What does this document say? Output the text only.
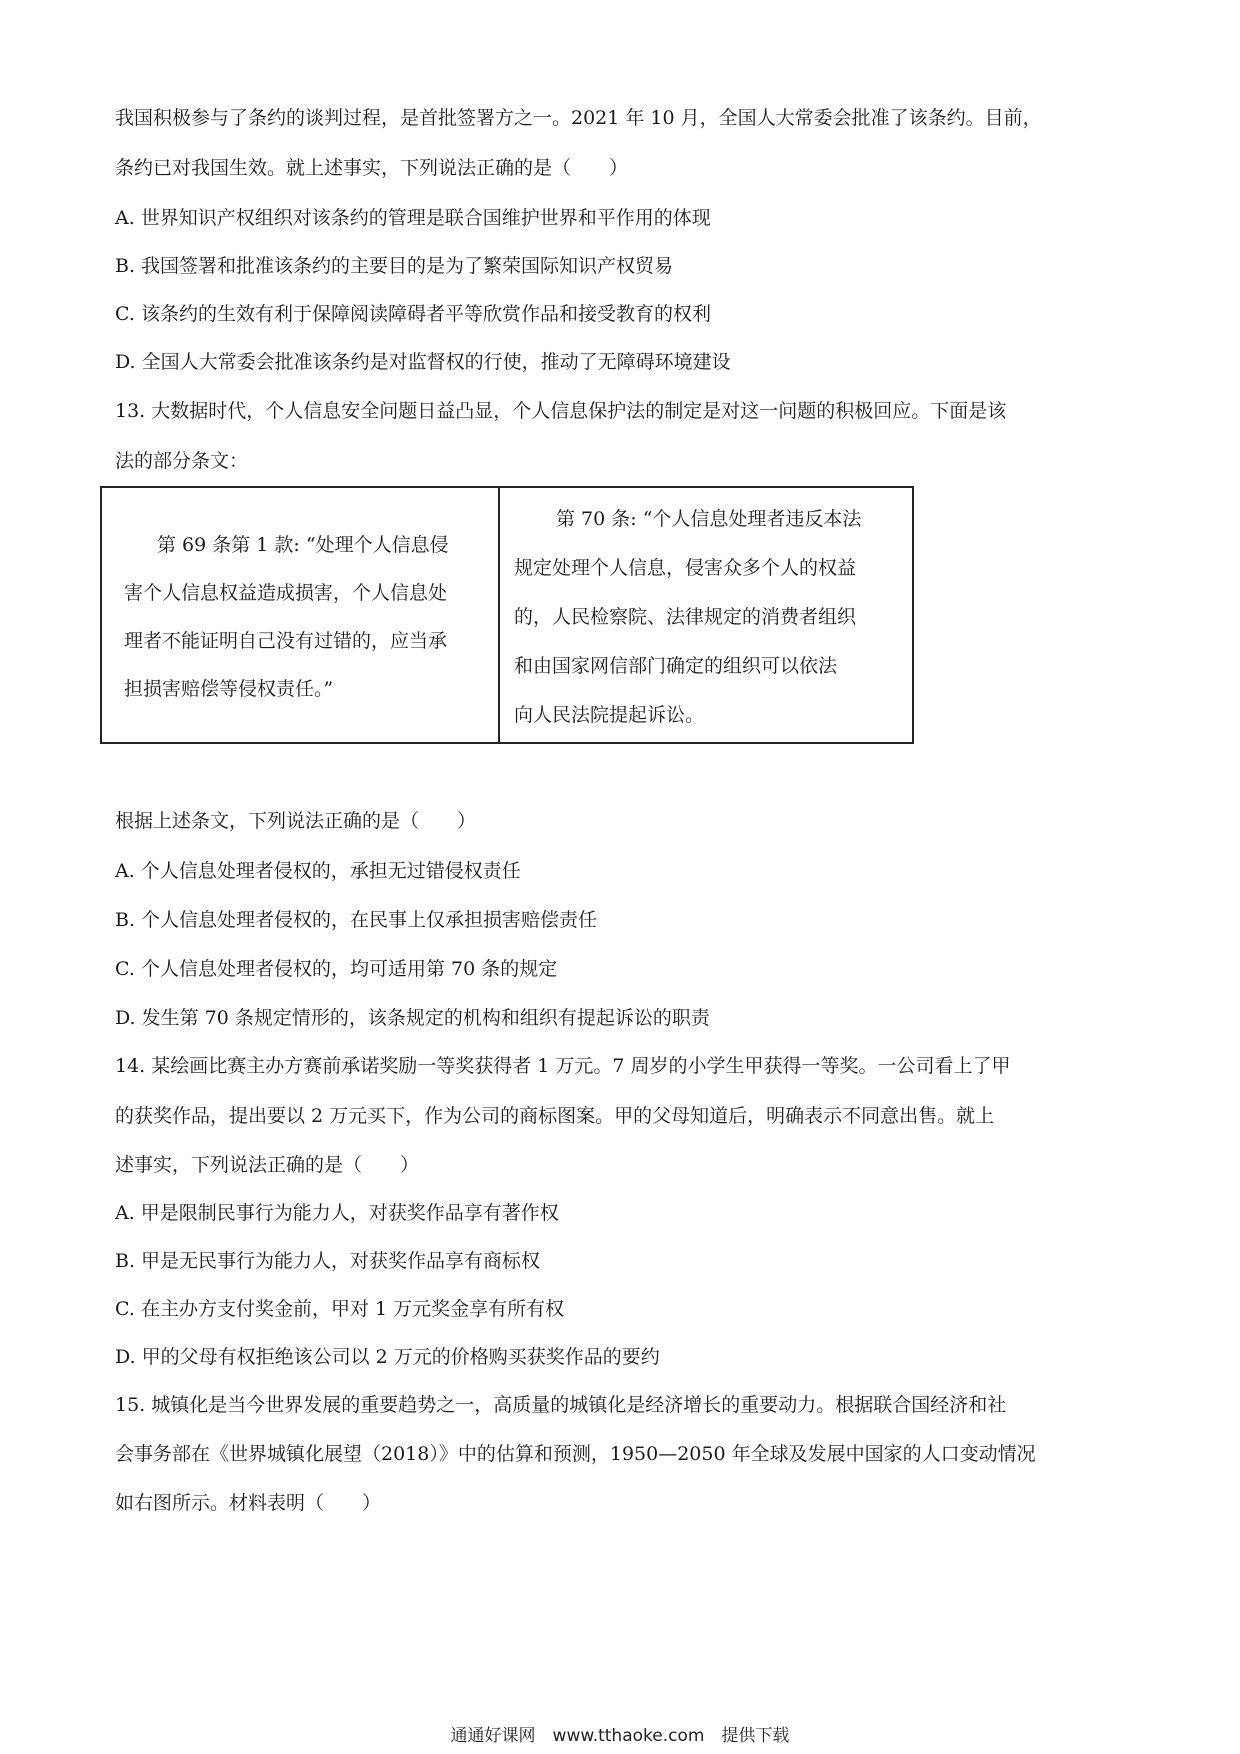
我国积极参与了条约的谈判过程，是首批签署方之一。2021 年 10 月，全国人大常委会批准了该条约。目前，
条约已对我国生效。就上述事实，下列说法正确的是（　　）
A. 世界知识产权组织对该条约的管理是联合国维护世界和平作用的体现
B. 我国签署和批准该条约的主要目的是为了繁荣国际知识产权贸易
C. 该条约的生效有利于保障阅读障碍者平等欣赏作品和接受教育的权利
D. 全国人大常委会批准该条约是对监督权的行使，推动了无障碍环境建设
13. 大数据时代，个人信息安全问题日益凸显，个人信息保护法的制定是对这一问题的积极回应。下面是该
法的部分条文：
第 69 条第 1 款: “处理个人信息侵
害个人信息权益造成损害，个人信息处
理者不能证明自己没有过错的，应当承
担损害赔偿等侵权责任。”
第 70 条: “个人信息处理者违反本法
规定处理个人信息，侵害众多个人的权益
的，人民检察院、法律规定的消费者组织
和由国家网信部门确定的组织可以依法
向人民法院提起诉讼。
根据上述条文，下列说法正确的是（　　）
A. 个人信息处理者侵权的，承担无过错侵权责任
B. 个人信息处理者侵权的，在民事上仅承担损害赔偿责任
C. 个人信息处理者侵权的，均可适用第 70 条的规定
D. 发生第 70 条规定情形的，该条规定的机构和组织有提起诉讼的职责
14. 某绘画比赛主办方赛前承诺奖励一等奖获得者 1 万元。7 周岁的小学生甲获得一等奖。一公司看上了甲
的获奖作品，提出要以 2 万元买下，作为公司的商标图案。甲的父母知道后，明确表示不同意出售。就上
述事实，下列说法正确的是（　　）
A. 甲是限制民事行为能力人，对获奖作品享有著作权
B. 甲是无民事行为能力人，对获奖作品享有商标权
C. 在主办方支付奖金前，甲对 1 万元奖金享有所有权
D. 甲的父母有权拒绝该公司以 2 万元的价格购买获奖作品的要约
15. 城镇化是当今世界发展的重要趋势之一，高质量的城镇化是经济增长的重要动力。根据联合国经济和社
会事务部在《世界城镇化展望（2018）》中的估算和预测，1950—2050 年全球及发展中国家的人口变动情况
如右图所示。材料表明（　　）
通通好课网　www.tthaoke.com　提供下载
